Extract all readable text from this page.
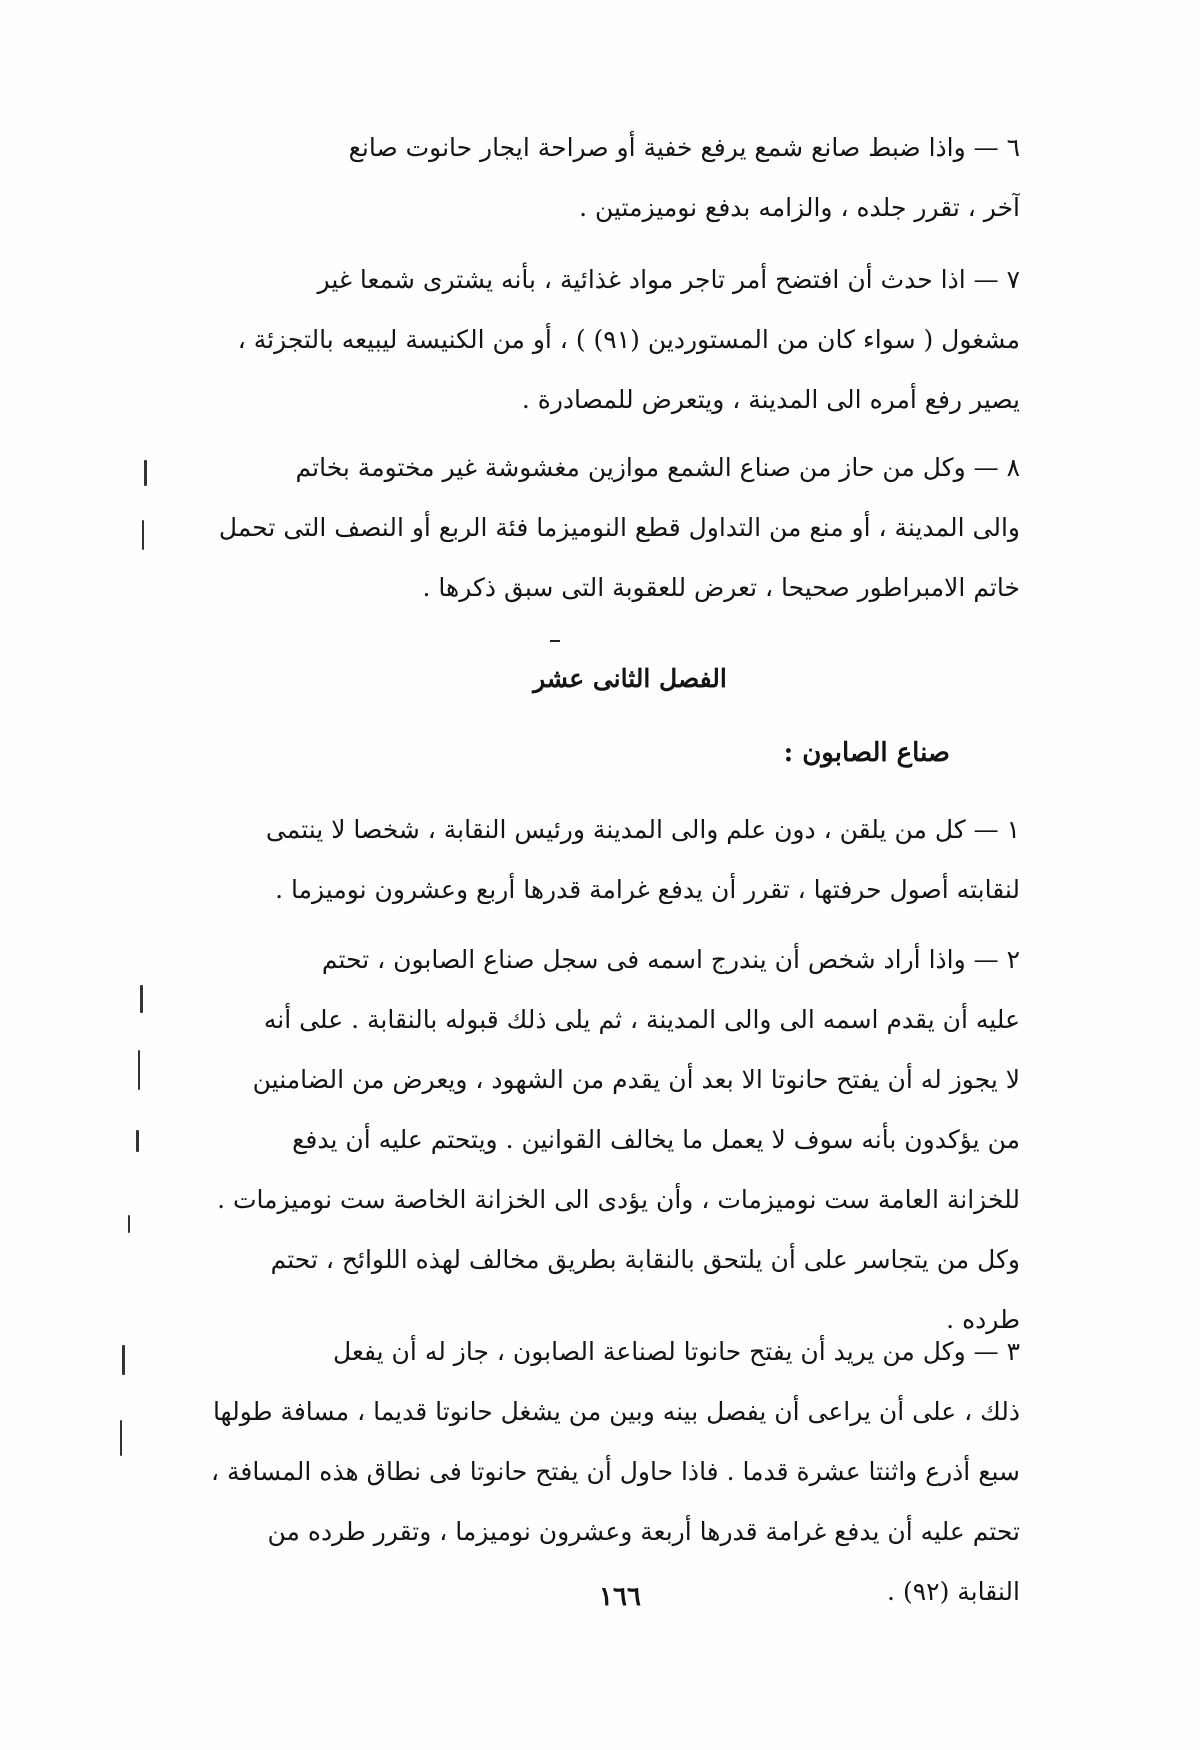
٦ — واذا ضبط صانع شمع يرفع خفية أو صراحة ايجار حانوت صانع
آخر ، تقرر جلده ، والزامه بدفع نوميزمتين .
٧ — اذا حدث أن افتضح أمر تاجر مواد غذائية ، بأنه يشترى شمعا غير
مشغول ( سواء كان من المستوردين (٩١) ) ، أو من الكنيسة ليبيعه بالتجزئة ،
يصير رفع أمره الى المدينة ، ويتعرض للمصادرة .
٨ — وكل من حاز من صناع الشمع موازين مغشوشة غير مختومة بخاتم
والى المدينة ، أو منع من التداول قطع النوميزما فئة الربع أو النصف التى تحمل
خاتم الامبراطور صحيحا ، تعرض للعقوبة التى سبق ذكرها .
الفصل الثانى عشر
صناع الصابون :
١ — كل من يلقن ، دون علم والى المدينة ورئيس النقابة ، شخصا لا ينتمى
لنقابته أصول حرفتها ، تقرر أن يدفع غرامة قدرها أربع وعشرون نوميزما .
٢ — واذا أراد شخص أن يندرج اسمه فى سجل صناع الصابون ، تحتم
عليه أن يقدم اسمه الى والى المدينة ، ثم يلى ذلك قبوله بالنقابة . على أنه
لا يجوز له أن يفتح حانوتا الا بعد أن يقدم من الشهود ، ويعرض من الضامنين
من يؤكدون بأنه سوف لا يعمل ما يخالف القوانين . ويتحتم عليه أن يدفع
للخزانة العامة ست نوميزمات ، وأن يؤدى الى الخزانة الخاصة ست نوميزمات .
وكل من يتجاسر على أن يلتحق بالنقابة بطريق مخالف لهذه اللوائح ، تحتم
طرده .
٣ — وكل من يريد أن يفتح حانوتا لصناعة الصابون ، جاز له أن يفعل
ذلك ، على أن يراعى أن يفصل بينه وبين من يشغل حانوتا قديما ، مسافة طولها
سبع أذرع واثنتا عشرة قدما . فاذا حاول أن يفتح حانوتا فى نطاق هذه المسافة ،
تحتم عليه أن يدفع غرامة قدرها أربعة وعشرون نوميزما ، وتقرر طرده من
النقابة (٩٢) .
١٦٦
